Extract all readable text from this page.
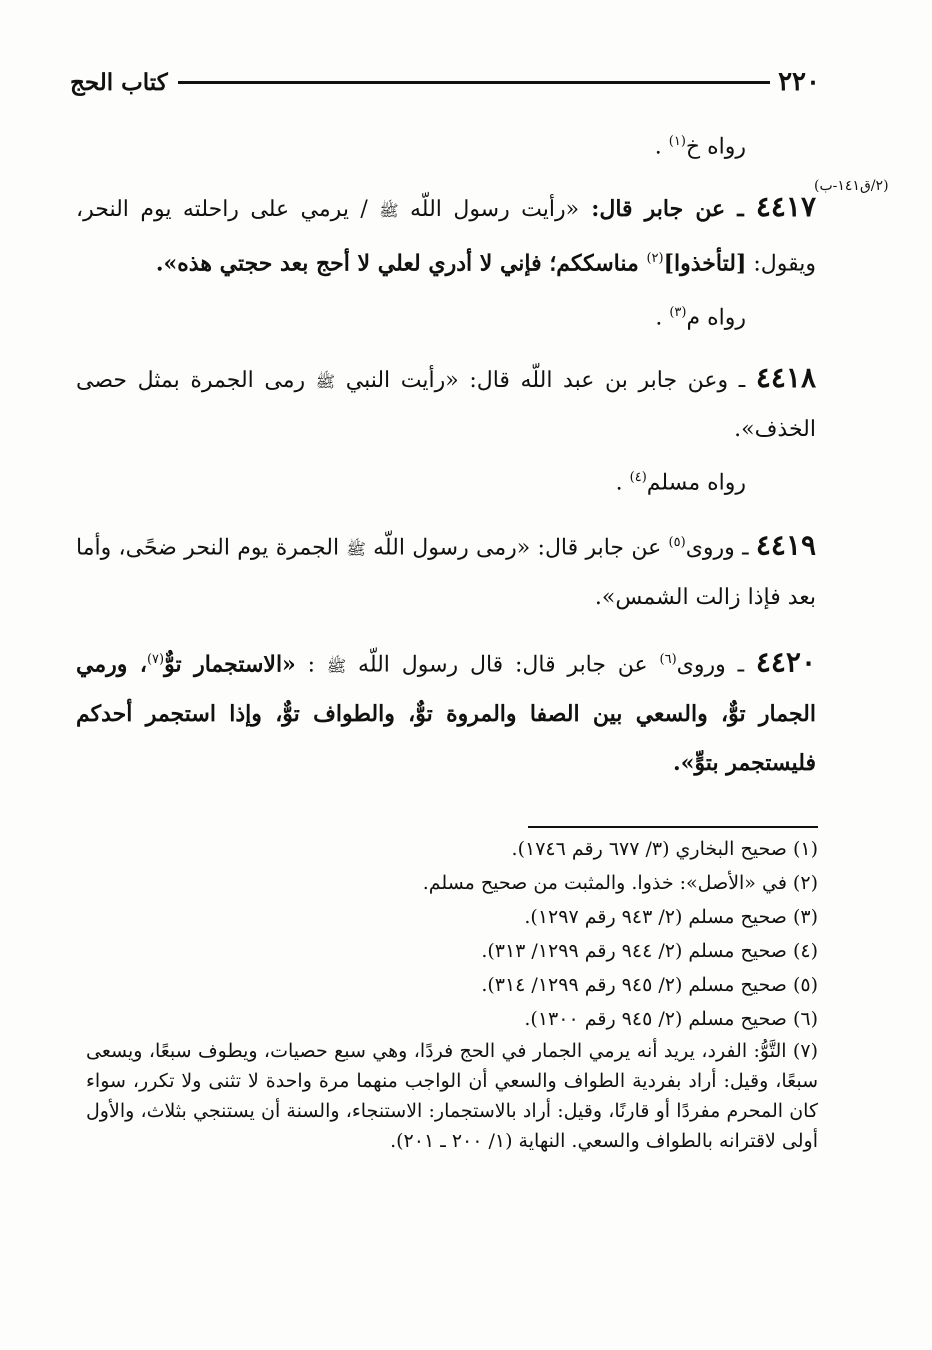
٢٢٠
كتاب الحج
(٢/ق١٤١-ب)
رواه خ$^{(١)}$ .
٤٤١٧ ـ عن جابر قال: «رأيت رسول اللّه ﷺ / يرمي على راحلته يوم النحر، ويقول: [لتأخذوا]$^{(٢)}$ مناسككم؛ فإني لا أدري لعلي لا أحج بعد حجتي هذه».
رواه م$^{(٣)}$ .
٤٤١٨ ـ وعن جابر بن عبد اللّه قال: «رأيت النبي ﷺ رمى الجمرة بمثل حصى الخذف».
رواه مسلم$^{(٤)}$ .
٤٤١٩ ـ وروى$^{(٥)}$ عن جابر قال: «رمى رسول اللّه ﷺ الجمرة يوم النحر ضحًى، وأما بعد فإذا زالت الشمس».
٤٤٢٠ ـ وروى$^{(٦)}$ عن جابر قال: قال رسول اللّه ﷺ : «الاستجمار توٌّ$^{(٧)}$، ورمي الجمار توٌّ، والسعي بين الصفا والمروة توٌّ، والطواف توٌّ، وإذا استجمر أحدكم فليستجمر بتوٍّ».
(١) صحيح البخاري (٣/ ٦٧٧ رقم ١٧٤٦).
(٢) في «الأصل»: خذوا. والمثبت من صحيح مسلم.
(٣) صحيح مسلم (٢/ ٩٤٣ رقم ١٢٩٧).
(٤) صحيح مسلم (٢/ ٩٤٤ رقم ١٢٩٩/ ٣١٣).
(٥) صحيح مسلم (٢/ ٩٤٥ رقم ١٢٩٩/ ٣١٤).
(٦) صحيح مسلم (٢/ ٩٤٥ رقم ١٣٠٠).
(٧) التَّوُّ: الفرد، يريد أنه يرمي الجمار في الحج فردًا، وهي سبع حصيات، ويطوف سبعًا، ويسعى سبعًا، وقيل: أراد بفردية الطواف والسعي أن الواجب منهما مرة واحدة لا تثنى ولا تكرر، سواء كان المحرم مفردًا أو قارنًا، وقيل: أراد بالاستجمار: الاستنجاء، والسنة أن يستنجي بثلاث، والأول أولى لاقترانه بالطواف والسعي. النهاية (١/ ٢٠٠ ـ ٢٠١).
